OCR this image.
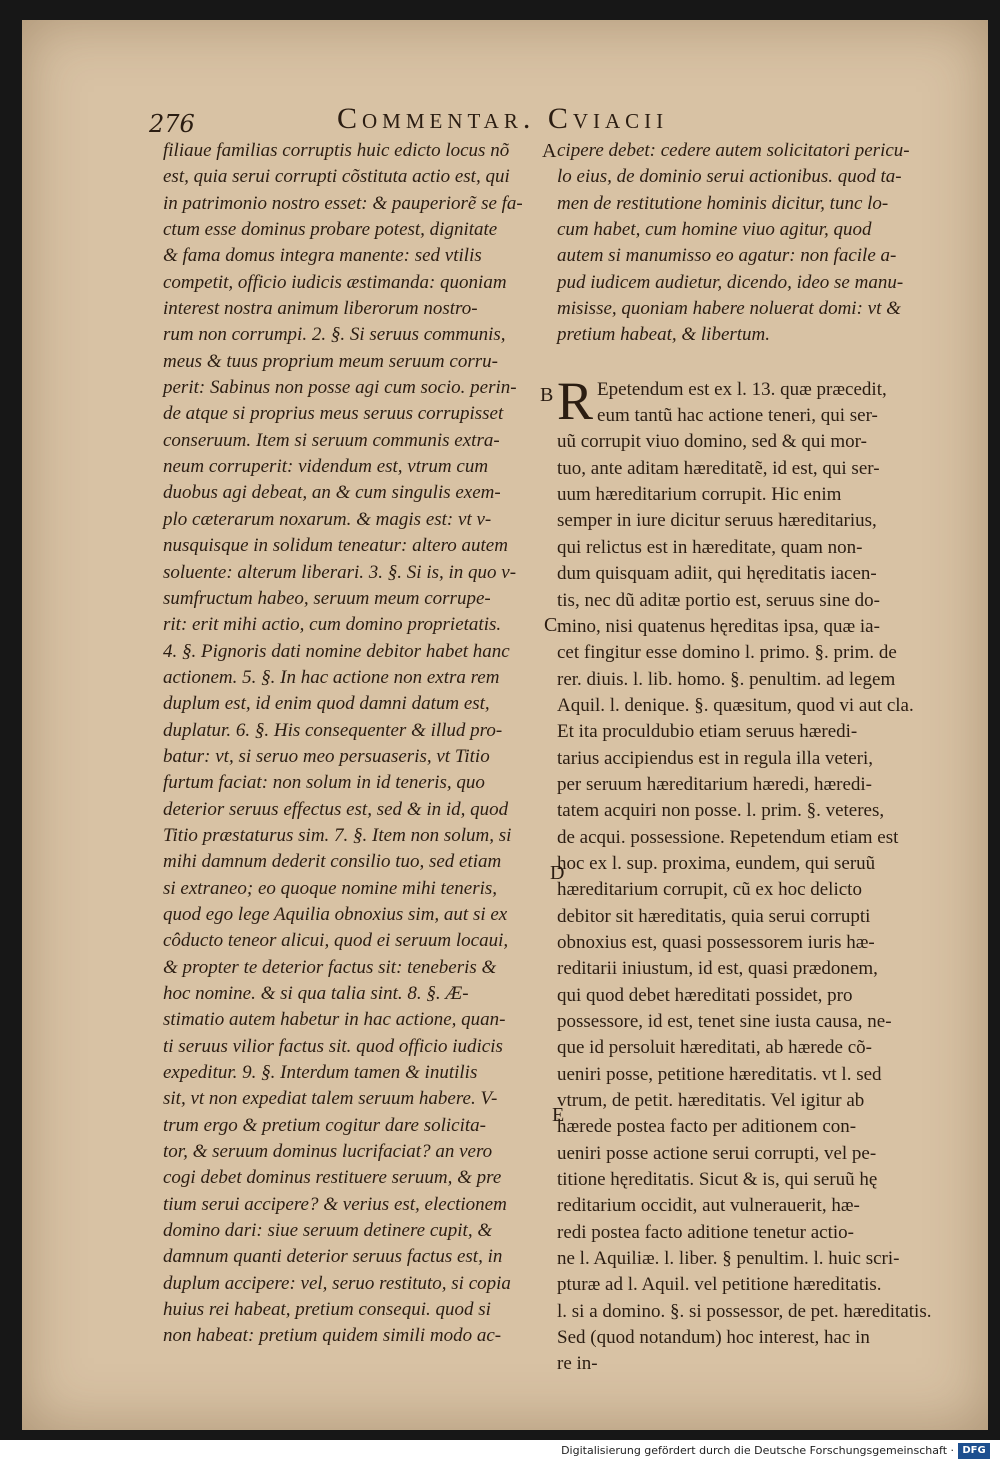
276	Commentar. Cviacii
filiaue familias corruptis huic edicto locus nõ
est, quia serui corrupti cõstituta actio est, qui
in patrimonio nostro esset: & pauperiorẽ se fa-
ctum esse dominus probare potest, dignitate
& fama domus integra manente: sed vtilis
competit, officio iudicis æstimanda: quoniam
interest nostra animum liberorum nostro-
rum non corrumpi. 2. §. Si seruus communis,
meus & tuus proprium meum seruum corru-
perit: Sabinus non posse agi cum socio. perin-
de atque si proprius meus seruus corrupisset
conseruum. Item si seruum communis extra-
neum corruperit: videndum est, vtrum cum
duobus agi debeat, an & cum singulis exem-
plo cæterarum noxarum. & magis est: vt v-
nusquisque in solidum teneatur: altero autem
soluente: alterum liberari. 3. §. Si is, in quo v-
sumfructum habeo, seruum meum corrupe-
rit: erit mihi actio, cum domino proprietatis.
4. §. Pignoris dati nomine debitor habet hanc
actionem. 5. §. In hac actione non extra rem
duplum est, id enim quod damni datum est,
duplatur. 6. §. His consequenter & illud pro-
batur: vt, si seruo meo persuaseris, vt Titio
furtum faciat: non solum in id teneris, quo
deterior seruus effectus est, sed & in id, quod
Titio præstaturus sim. 7. §. Item non solum, si
mihi damnum dederit consilio tuo, sed etiam
si extraneo; eo quoque nomine mihi teneris,
quod ego lege Aquilia obnoxius sim, aut si ex
côducto teneor alicui, quod ei seruum locaui,
& propter te deterior factus sit: teneberis &
hoc nomine. & si qua talia sint. 8. §. Æ-
stimatio autem habetur in hac actione, quan-
ti seruus vilior factus sit. quod officio iudicis
expeditur. 9. §. Interdum tamen & inutilis
sit, vt non expediat talem seruum habere. V-
trum ergo & pretium cogitur dare solicita-
tor, & seruum dominus lucrifaciat? an vero
cogi debet dominus restituere seruum, & pre
tium serui accipere? & verius est, electionem
domino dari: siue seruum detinere cupit, &
damnum quanti deterior seruus factus est, in
duplum accipere: vel, seruo restituto, si copia
huius rei habeat, pretium consequi. quod si
non habeat: pretium quidem simili modo ac-
cipere debet: cedere autem solicitatori pericu-
lo eius, de dominio serui actionibus. quod ta-
men de restitutione hominis dicitur, tunc lo-
cum habet, cum homine viuo agitur, quod
autem si manumisso eo agatur: non facile a-
pud iudicem audietur, dicendo, ideo se manu-
misisse, quoniam habere noluerat domi: vt &
pretium habeat, & libertum.
R Epetendum est ex l. 13. quæ præcedit,
eum tantũ hac actione teneri, qui ser-
uũ corrupit viuo domino, sed & qui mor-
tuo, ante aditam hæreditatẽ, id est, qui ser-
uum hæreditarium corrupit. Hic enim
semper in iure dicitur seruus hæreditarius,
qui relictus est in hæreditate, quam non-
dum quisquam adiit, qui hęreditatis iacen-
tis, nec dũ aditæ portio est, seruus sine do-
mino, nisi quatenus hęreditas ipsa, quæ ia-
cet fingitur esse domino l. primo. §. prim. de
rer. diuis. l. lib. homo. §. penultim. ad legem
Aquil. l. denique. §. quæsitum, quod vi aut cla.
Et ita proculdubio etiam seruus hæredi-
tarius accipiendus est in regula illa veteri,
per seruum hæreditarium hæredi, hæredi-
tatem acquiri non posse. l. prim. §. veteres,
de acqui. possessione. Repetendum etiam est
hoc ex l. sup. proxima, eundem, qui seruũ
hæreditarium corrupit, cũ ex hoc delicto
debitor sit hæreditatis, quia serui corrupti
obnoxius est, quasi possessorem iuris hæ-
reditarii iniustum, id est, quasi prædonem,
qui quod debet hæreditati possidet, pro
possessore, id est, tenet sine iusta causa, ne-
que id persoluit hæreditati, ab hærede cõ-
ueniri posse, petitione hæreditatis. vt l. sed
vtrum, de petit. hæreditatis. Vel igitur ab
hærede postea facto per aditionem con-
ueniri posse actione serui corrupti, vel pe-
titione hęreditatis. Sicut & is, qui seruũ hę
reditarium occidit, aut vulnerauerit, hæ-
redi postea facto aditione tenetur actio-
ne l. Aquiliæ. l. liber. § penultim. l. huic scri-
pturæ ad l. Aquil. vel petitione hæreditatis.
l. si a domino. §. si possessor, de pet. hæreditatis.
Sed (quod notandum) hoc interest, hac in
re in-
A
B
C
D
E
Digitalisierung gefördert durch die Deutsche Forschungsgemeinschaft · DFG
